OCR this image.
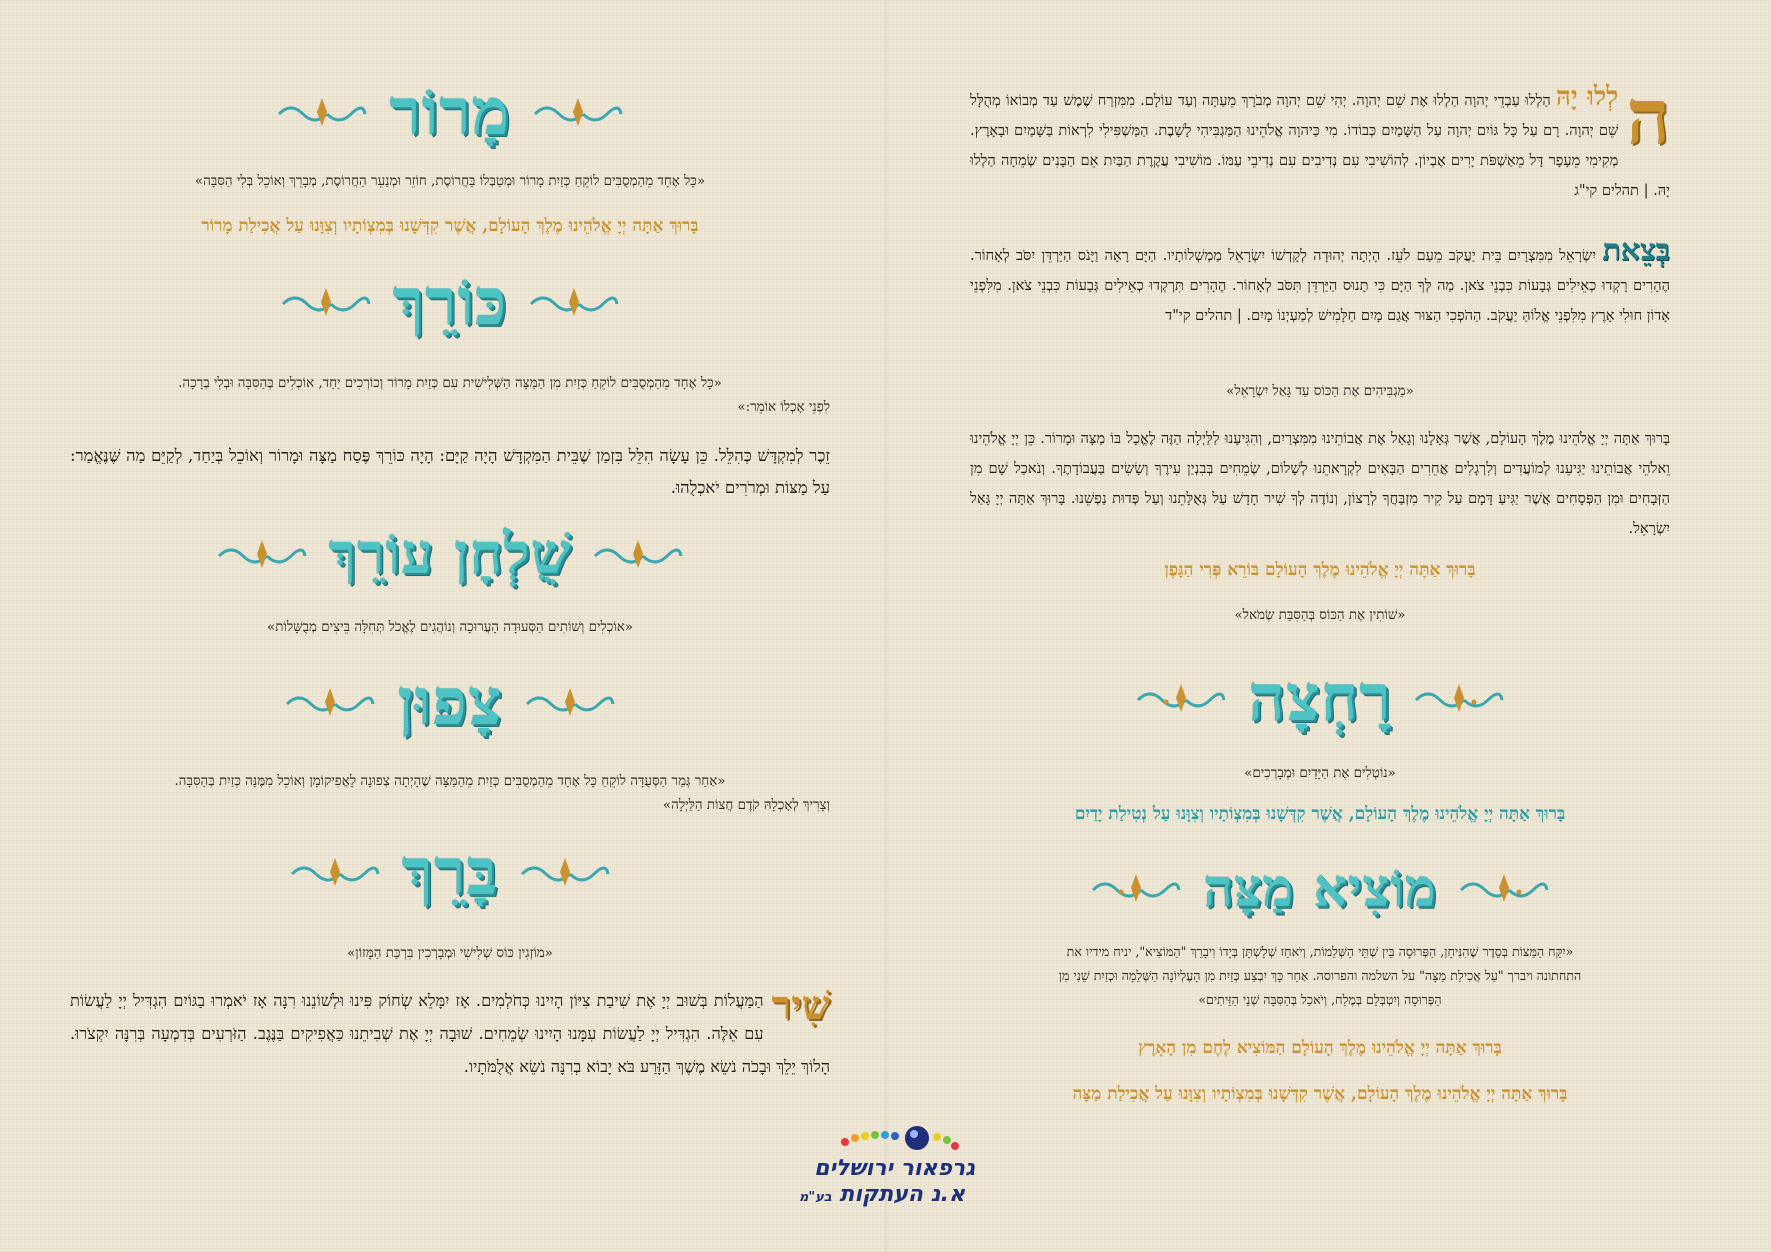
ה
לְלוּ יָהּ הַלְלוּ עַבְדֵי יְהוָה הַלְלוּ אֶת שֵׁם יְהוָה. יְהִי שֵׁם יְהוָה מְבֹרָךְ מֵעַתָּה וְעַד עוֹלָם. מִמִּזְרַח שֶׁמֶשׁ עַד מְבוֹאוֹ מְהֻלָּל שֵׁם יְהוָה. רָם עַל כָּל גּוֹיִם יְהוָה עַל הַשָּׁמַיִם כְּבוֹדוֹ. מִי כַּיהוָה אֱלֹהֵינוּ הַמַּגְבִּיהִי לָשָׁבֶת. הַמַּשְׁפִּילִי לִרְאוֹת בַּשָּׁמַיִם וּבָאָרֶץ. מְקִימִי מֵעָפָר דָּל מֵאַשְׁפֹּת יָרִים אֶבְיוֹן. לְהוֹשִׁיבִי עִם נְדִיבִים עִם נְדִיבֵי עַמּוֹ. מוֹשִׁיבִי עֲקֶרֶת הַבַּיִת אֵם הַבָּנִים שְׂמֵחָה הַלְלוּ יָהּ. | תהלים קי"ג

בְּצֵאת יִשְׂרָאֵל מִמִּצְרָיִם בֵּית יַעֲקֹב מֵעַם לֹעֵז. הָיְתָה יְהוּדָה לְקָדְשׁוֹ יִשְׂרָאֵל מַמְשְׁלוֹתָיו. הַיָּם רָאָה וַיָּנֹס הַיַּרְדֵּן יִסֹּב לְאָחוֹר. הֶהָרִים רָקְדוּ כְאֵילִים גְּבָעוֹת כִּבְנֵי צֹאן. מַה לְּךָ הַיָּם כִּי תָנוּס הַיַּרְדֵּן תִּסֹּב לְאָחוֹר. הֶהָרִים תִּרְקְדוּ כְאֵילִים גְּבָעוֹת כִּבְנֵי צֹאן. מִלִּפְנֵי אָדוֹן חוּלִי אָרֶץ מִלִּפְנֵי אֱלוֹהַּ יַעֲקֹב. הַהֹפְכִי הַצּוּר אֲגַם מָיִם חַלָּמִישׁ לְמַעְיְנוֹ מָיִם. | תהלים קי"ד

«מַגְבִּיהִים אֶת הַכּוֹס עַד גָּאַל יִשְׂרָאֵל»

בָּרוּךְ אַתָּה יְיָ אֱלֹהֵינוּ מֶלֶךְ הָעוֹלָם, אֲשֶׁר גְּאָלָנוּ וְגָאַל אֶת אֲבוֹתֵינוּ מִמִּצְרַיִם, וְהִגִּיעָנוּ לַלַּיְלָה הַזֶּה לֶאֱכָל בּוֹ מַצָּה וּמָרוֹר. כֵּן יְיָ אֱלֹהֵינוּ וֵאלֹהֵי אֲבוֹתֵינוּ יַגִּיעֵנוּ לְמוֹעֲדִים וְלִרְגָלִים אֲחֵרִים הַבָּאִים לִקְרָאתֵנוּ לְשָׁלוֹם, שְׂמֵחִים בְּבִנְיַן עִירֶךָ וְשָׂשִׂים בַּעֲבוֹדָתֶךָ. וְנֹאכַל שָׁם מִן הַזְּבָחִים וּמִן הַפְּסָחִים אֲשֶׁר יַגִּיעַ דָּמָם עַל קִיר מִזְבַּחֲךָ לְרָצוֹן, וְנוֹדֶה לְךָ שִׁיר חָדָשׁ עַל גְּאֻלָּתֵנוּ וְעַל פְּדוּת נַפְשֵׁנוּ. בָּרוּךְ אַתָּה יְיָ גָּאַל יִשְׂרָאֵל.

בָּרוּךְ אַתָּה יְיָ אֱלֹהֵינוּ מֶלֶךְ הָעוֹלָם בּוֹרֵא פְּרִי הַגָּפֶן
«שׁוֹתִין אֶת הַכּוֹס בְּהַסִּבַּת שְׂמֹאל»
רָחְצָה
«נוֹטְלִים אֶת הַיָּדַיִם וּמְבָרְכִים»
בָּרוּךְ אַתָּה יְיָ אֱלֹהֵינוּ מֶלֶךְ הָעוֹלָם, אֲשֶׁר קִדְּשָׁנוּ בְּמִצְוֹתָיו וְצִוָּנוּ עַל נְטִילַת יָדַיִם
מוֹצִיא מַצָּה
«יִקַּח הַמַּצּוֹת בְּסֵדֶר שֶׁהִנִּיחָן, הַפְּרוּסָה בֵּין שְׁתֵּי הַשְּׁלֵמוֹת, וְיֹאחַז שְׁלָשְׁתָּן בְּיָדוֹ וִיבָרֵךְ "הַמּוֹצִיא", יניח מידיו את
התחתונה ויברך "עַל אֲכִילַת מַצָּה" על השלמה והפרוסה. אַחַר כָּךְ יִבְצַע כְּזַיִת מִן הָעֶלְיוֹנָה הַשְּׁלֵמָה וּכְזַיִת שֵׁנִי מִן
הַפְּרוּסָה וְיִטְבְּלֵם בְּמֶלַח, וְיֹאכַל בְּהַסִּבָּה שְׁנֵי הַזֵּיתִים»
בָּרוּךְ אַתָּה יְיָ אֱלֹהֵינוּ מֶלֶךְ הָעוֹלָם הַמּוֹצִיא לֶחֶם מִן הָאָרֶץ
בָּרוּךְ אַתָּה יְיָ אֱלֹהֵינוּ מֶלֶךְ הָעוֹלָם, אֲשֶׁר קִדְּשָׁנוּ בְּמִצְוֹתָיו וְצִוָּנוּ עַל אֲכִילַת מַצָּה
מָרוֹר
«כָּל אֶחָד מֵהַמְסֻבִּים לוֹקֵחַ כְּזַיִת מָרוֹר וּמְטַבְּלוֹ בַּחֲרוֹסֶת, חוֹזֵר וּמְנַעֵר הַחֲרוֹסֶת, מְבָרֵךְ וְאוֹכֵל בְּלִי הַסִּבָּה»
בָּרוּךְ אַתָּה יְיָ אֱלֹהֵינוּ מֶלֶךְ הָעוֹלָם, אֲשֶׁר קִדְּשָׁנוּ בְּמִצְוֹתָיו וְצִוָּנוּ עַל אֲכִילַת מָרוֹר
כּוֹרֵךְ
«כָּל אֶחָד מֵהַמְסֻבִּים לוֹקֵחַ כְּזַיִת מִן הַמַּצָּה הַשְּׁלִישִׁית עִם כְּזַיִת מָרוֹר וְכוֹרְכִים יַחַד, אוֹכְלִים בְּהַסִּבָּה וּבְלִי בְרָכָה.
לִפְנֵי אָכְלוֹ אוֹמֵר:»

זֵכֶר לְמִקְדָּשׁ כְּהִלֵּל. כֵּן עָשָׂה הִלֵּל בִּזְמַן שֶׁבֵּית הַמִּקְדָּשׁ הָיָה קַיָּם: הָיָה כּוֹרֵךְ פֶּסַח מַצָּה וּמָרוֹר וְאוֹכֵל בְּיַחַד, לְקַיֵּם מַה שֶּׁנֶּאֱמַר: עַל מַצּוֹת וּמְרֹרִים יֹאכְלֻהוּ.

שֻׁלְחָן עוֹרֵךְ
«אוֹכְלִים וְשׁוֹתִים הַסְּעוּדָה הָעֲרוּכָה וְנוֹהֲגִים לֶאֱכֹל תְּחִלָּה בֵּיצִים מְבֻשָּׁלוֹת»
צָפוּן
«אַחַר גְּמַר הַסְּעֻדָּה לוֹקֵחַ כָּל אֶחָד מֵהַמְסֻבִּים כְּזַיִת מֵהַמַּצָּה שֶׁהָיְתָה צְפוּנָה לָאֲפִיקוֹמָן וְאוֹכֵל מִמֶּנָּה כְּזַיִת בְּהַסִּבָּה.
וְצָרִיךְ לְאָכְלָהּ קֹדֶם חֲצוֹת הַלַּיְלָה»
בָּרֵךְ
«מוֹזְגִין כּוֹס שְׁלִישִׁי וּמְבָרְכִין בִּרְכַּת הַמָּזוֹן»

שִׁיר
הַמַּעֲלוֹת בְּשׁוּב יְיָ אֶת שִׁיבַת צִיּוֹן הָיִינוּ כְּחֹלְמִים. אָז יִמָּלֵא שְׂחוֹק פִּינוּ וּלְשׁוֹנֵנוּ רִנָּה אָז יֹאמְרוּ בַגּוֹיִם הִגְדִּיל יְיָ לַעֲשׂוֹת עִם אֵלֶּה. הִגְדִּיל יְיָ לַעֲשׂוֹת עִמָּנוּ הָיִינוּ שְׂמֵחִים. שׁוּבָה יְיָ אֶת שְׁבִיתֵנוּ כַּאֲפִיקִים בַּנֶּגֶב. הַזֹּרְעִים בְּדִמְעָה בְּרִנָּה יִקְצֹרוּ. הָלוֹךְ יֵלֵךְ וּבָכֹה נֹשֵׂא מֶשֶׁךְ הַזָּרַע בֹּא יָבוֹא בְרִנָּה נֹשֵׂא אֲלֻמֹּתָיו.

גרפאור ירושלים
א.נ העתקות בע"מ
